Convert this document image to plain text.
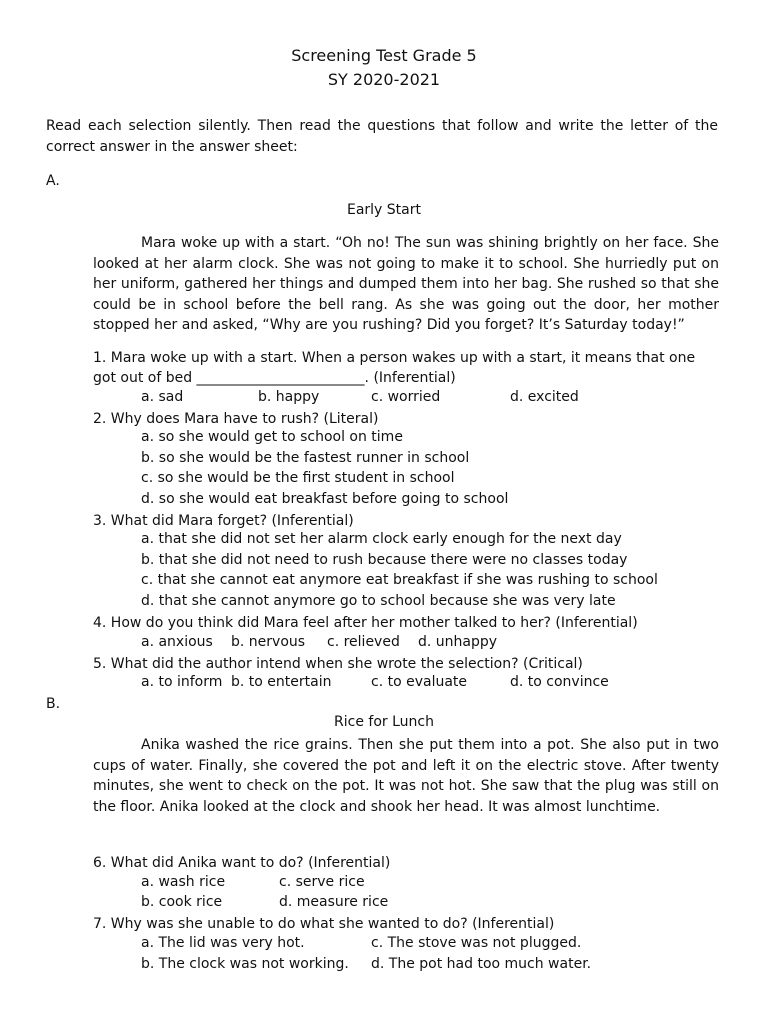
Screening Test Grade 5
SY 2020-2021
Read each selection silently. Then read the questions that follow and write the letter of the correct answer in the answer sheet:
A.
Early Start
Mara woke up with a start. “Oh no! The sun was shining brightly on her face. She looked at her alarm clock. She was not going to make it to school. She hurriedly put on her uniform, gathered her things and dumped them into her bag. She rushed so that she could be in school before the bell rang. As she was going out the door, her mother stopped her and asked, “Why are you rushing? Did you forget? It’s Saturday today!”
1. Mara woke up with a start. When a person wakes up with a start, it means that one
got out of bed ________________________. (Inferential)
a. sad	b. happy	c. worried	d. excited
2. Why does Mara have to rush? (Literal)
a. so she would get to school on time
b. so she would be the fastest runner in school
c. so she would be the first student in school
d. so she would eat breakfast before going to school
3. What did Mara forget? (Inferential)
a. that she did not set her alarm clock early enough for the next day
b. that she did not need to rush because there were no classes today
c. that she cannot eat anymore eat breakfast if she was rushing to school
d. that she cannot anymore go to school because she was very late
4. How do you think did Mara feel after her mother talked to her? (Inferential)
a. anxious b. nervous c. relieved d. unhappy
5. What did the author intend when she wrote the selection? (Critical)
a. to inform b. to entertain	c. to evaluate	d. to convince
B.
Rice for Lunch
Anika washed the rice grains. Then she put them into a pot. She also put in two cups of water. Finally, she covered the pot and left it on the electric stove. After twenty minutes, she went to check on the pot. It was not hot. She saw that the plug was still on the floor. Anika looked at the clock and shook her head. It was almost lunchtime.
6. What did Anika want to do? (Inferential)
a. wash rice	c. serve rice
b. cook rice	d. measure rice
7. Why was she unable to do what she wanted to do? (Inferential)
a. The lid was very hot.	c. The stove was not plugged.
b. The clock was not working. d. The pot had too much water.
